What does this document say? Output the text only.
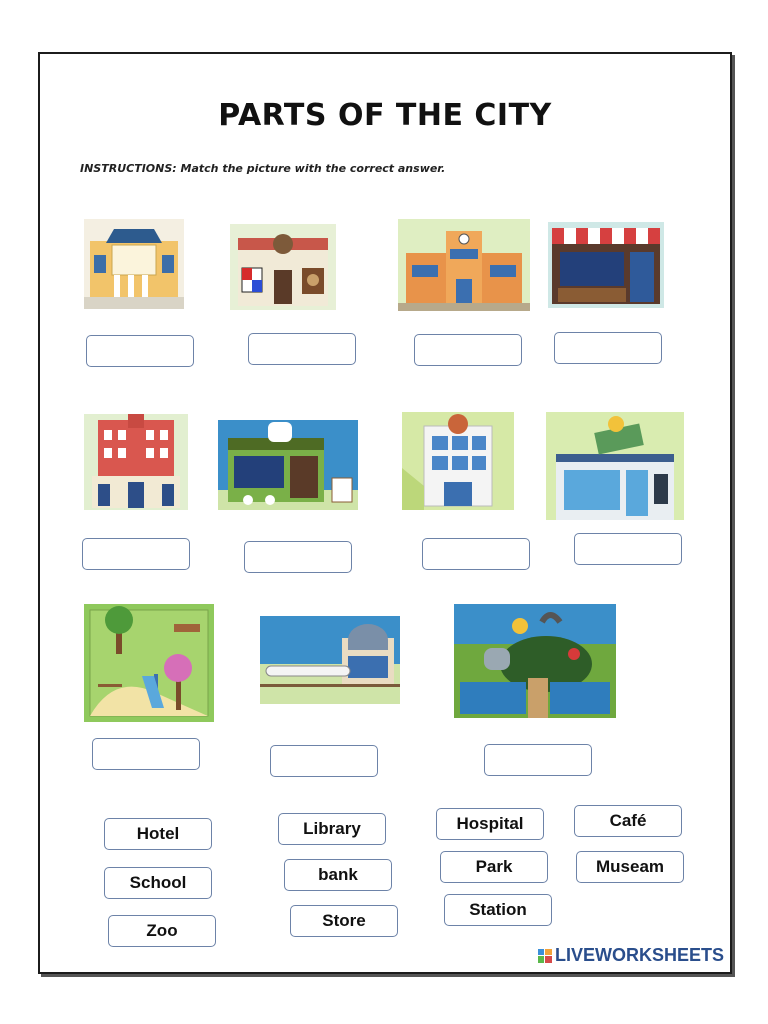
PARTS OF THE CITY
INSTRUCTIONS: Match the picture with the correct answer.
Hotel	Library	Hospital	Café
School	bank	Park	Museam
Zoo
Store
Station
LIVEWORKSHEETS
